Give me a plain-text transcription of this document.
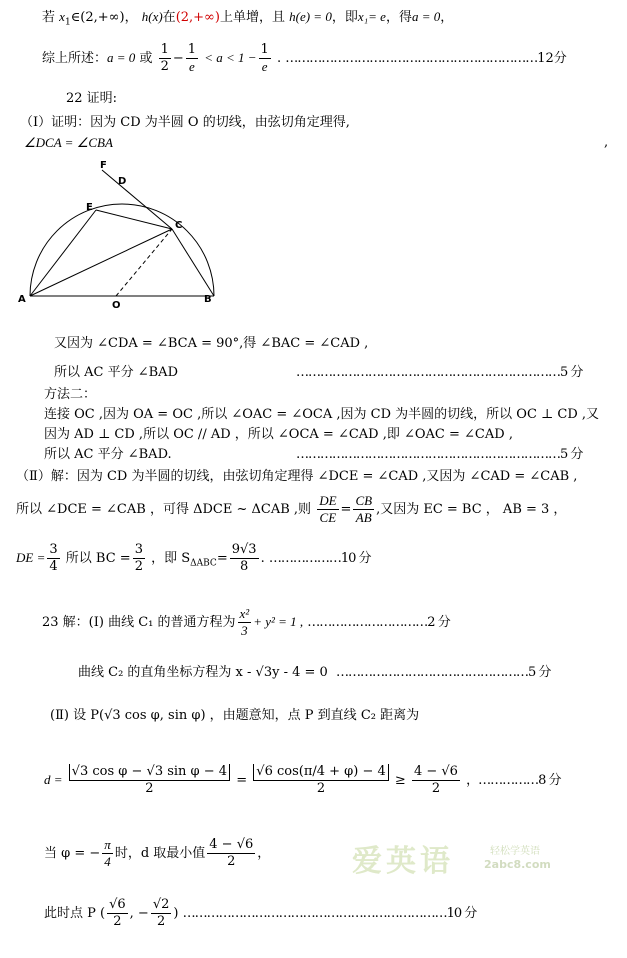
若 $x_1\in(2,+\infty)$， h(x)在(2,+∞)上单增，且 h(e) = 0，即x₁= e，得a = 0，
综上所述：a = 0 或 $\frac{1}{2} - \frac{1}{e} < a < 1 - \frac{1}{e}$ . ………………………………………………………12分
22 证明:
（Ⅰ）证明：因为 CD 为半圆 O 的切线，由弦切角定理得,
∠DCA = ∠CBA	,
F
D
E
C
A
O
B
又因为 ∠CDA = ∠BCA = 90°,得 ∠BAC = ∠CAD ,
所以 AC 平分 ∠BAD	…………………………………………………………5 分
方法二：
连接 OC ,因为 OA = OC ,所以 ∠OAC = ∠OCA ,因为 CD 为半圆的切线，所以 OC ⊥ CD ,又
因为 AD ⊥ CD ,所以 OC // AD ，所以 ∠OCA = ∠CAD ,即 ∠OAC = ∠CAD ,
所以 AC 平分 ∠BAD.	…………………………………………………………5 分
（Ⅱ）解：因为 CD 为半圆的切线，由弦切角定理得 ∠DCE = ∠CAD ,又因为 ∠CAD = ∠CAB ,
所以 ∠DCE = ∠CAB ，可得 ΔDCE ~ ΔCAB ,则 $\frac{DE}{CE} = \frac{CB}{AB}$ ,又因为 EC = BC ， AB = 3 ，
DE = $\frac{3}{4}$ 所以 BC = $\frac{3}{2}$ ，即 $S_{\Delta ABC}= \frac{9√3}{8}$ . ………………10 分
23 解：(Ⅰ) 曲线 C₁ 的普通方程为 $\frac{\text{x²}}{3} + y^2 = 1$ , …………………………2 分
曲线 C₂ 的直角坐标方程为 x - √3y - 4 = 0 …………………………………………5 分
(Ⅱ) 设 P(√3 cos φ, sin φ) ，由题意知，点 P 到直线 C₂ 距离为
$d = \frac{\text{√3 cos φ − √3 sin φ − 4}}{2} = \frac{√6 \cos(\pi/4 + \varphi) - 4}{2} \ge \frac{4 - √6}{2}$ ，……………8 分
当 φ = − $\frac{\pi}{4}$ 时，d 取最小值 $\frac{4 - √6}{2}$ ，
此时点 P ( $\frac{√6}{2}$ , − $\frac{√2}{2}$ ) …………………………………………………………10 分
爱英语	轻松学英语
2abc8.com
